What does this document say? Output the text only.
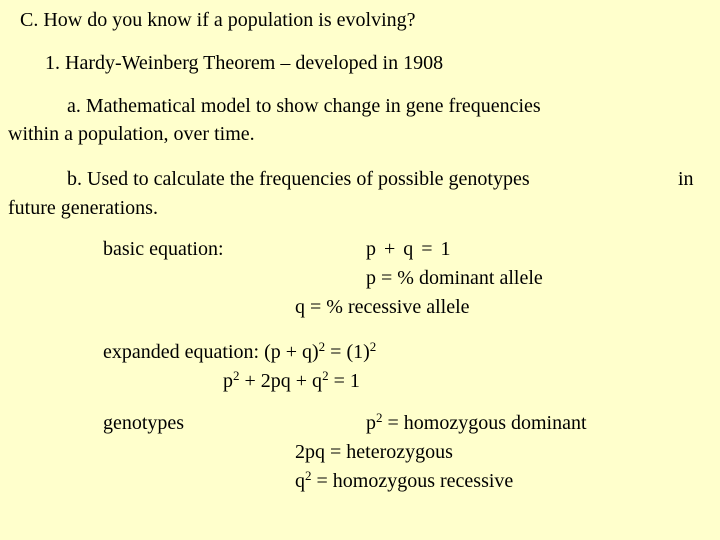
C. How do you know if a population is evolving?
1. Hardy-Weinberg Theorem – developed in 1908
a. Mathematical model to show change in gene frequencies
within a population, over time.
b. Used to calculate the frequencies of possible genotypes	in
future generations.
basic equation:	p + q = 1
p = % dominant allele
q = % recessive allele
expanded equation: $(p + q)^2 = (1)^2$
$p^2 + 2pq + q^2 = 1$
genotypes	$p^2$ = homozygous dominant
2pq = heterozygous
$q^2$ = homozygous recessive
